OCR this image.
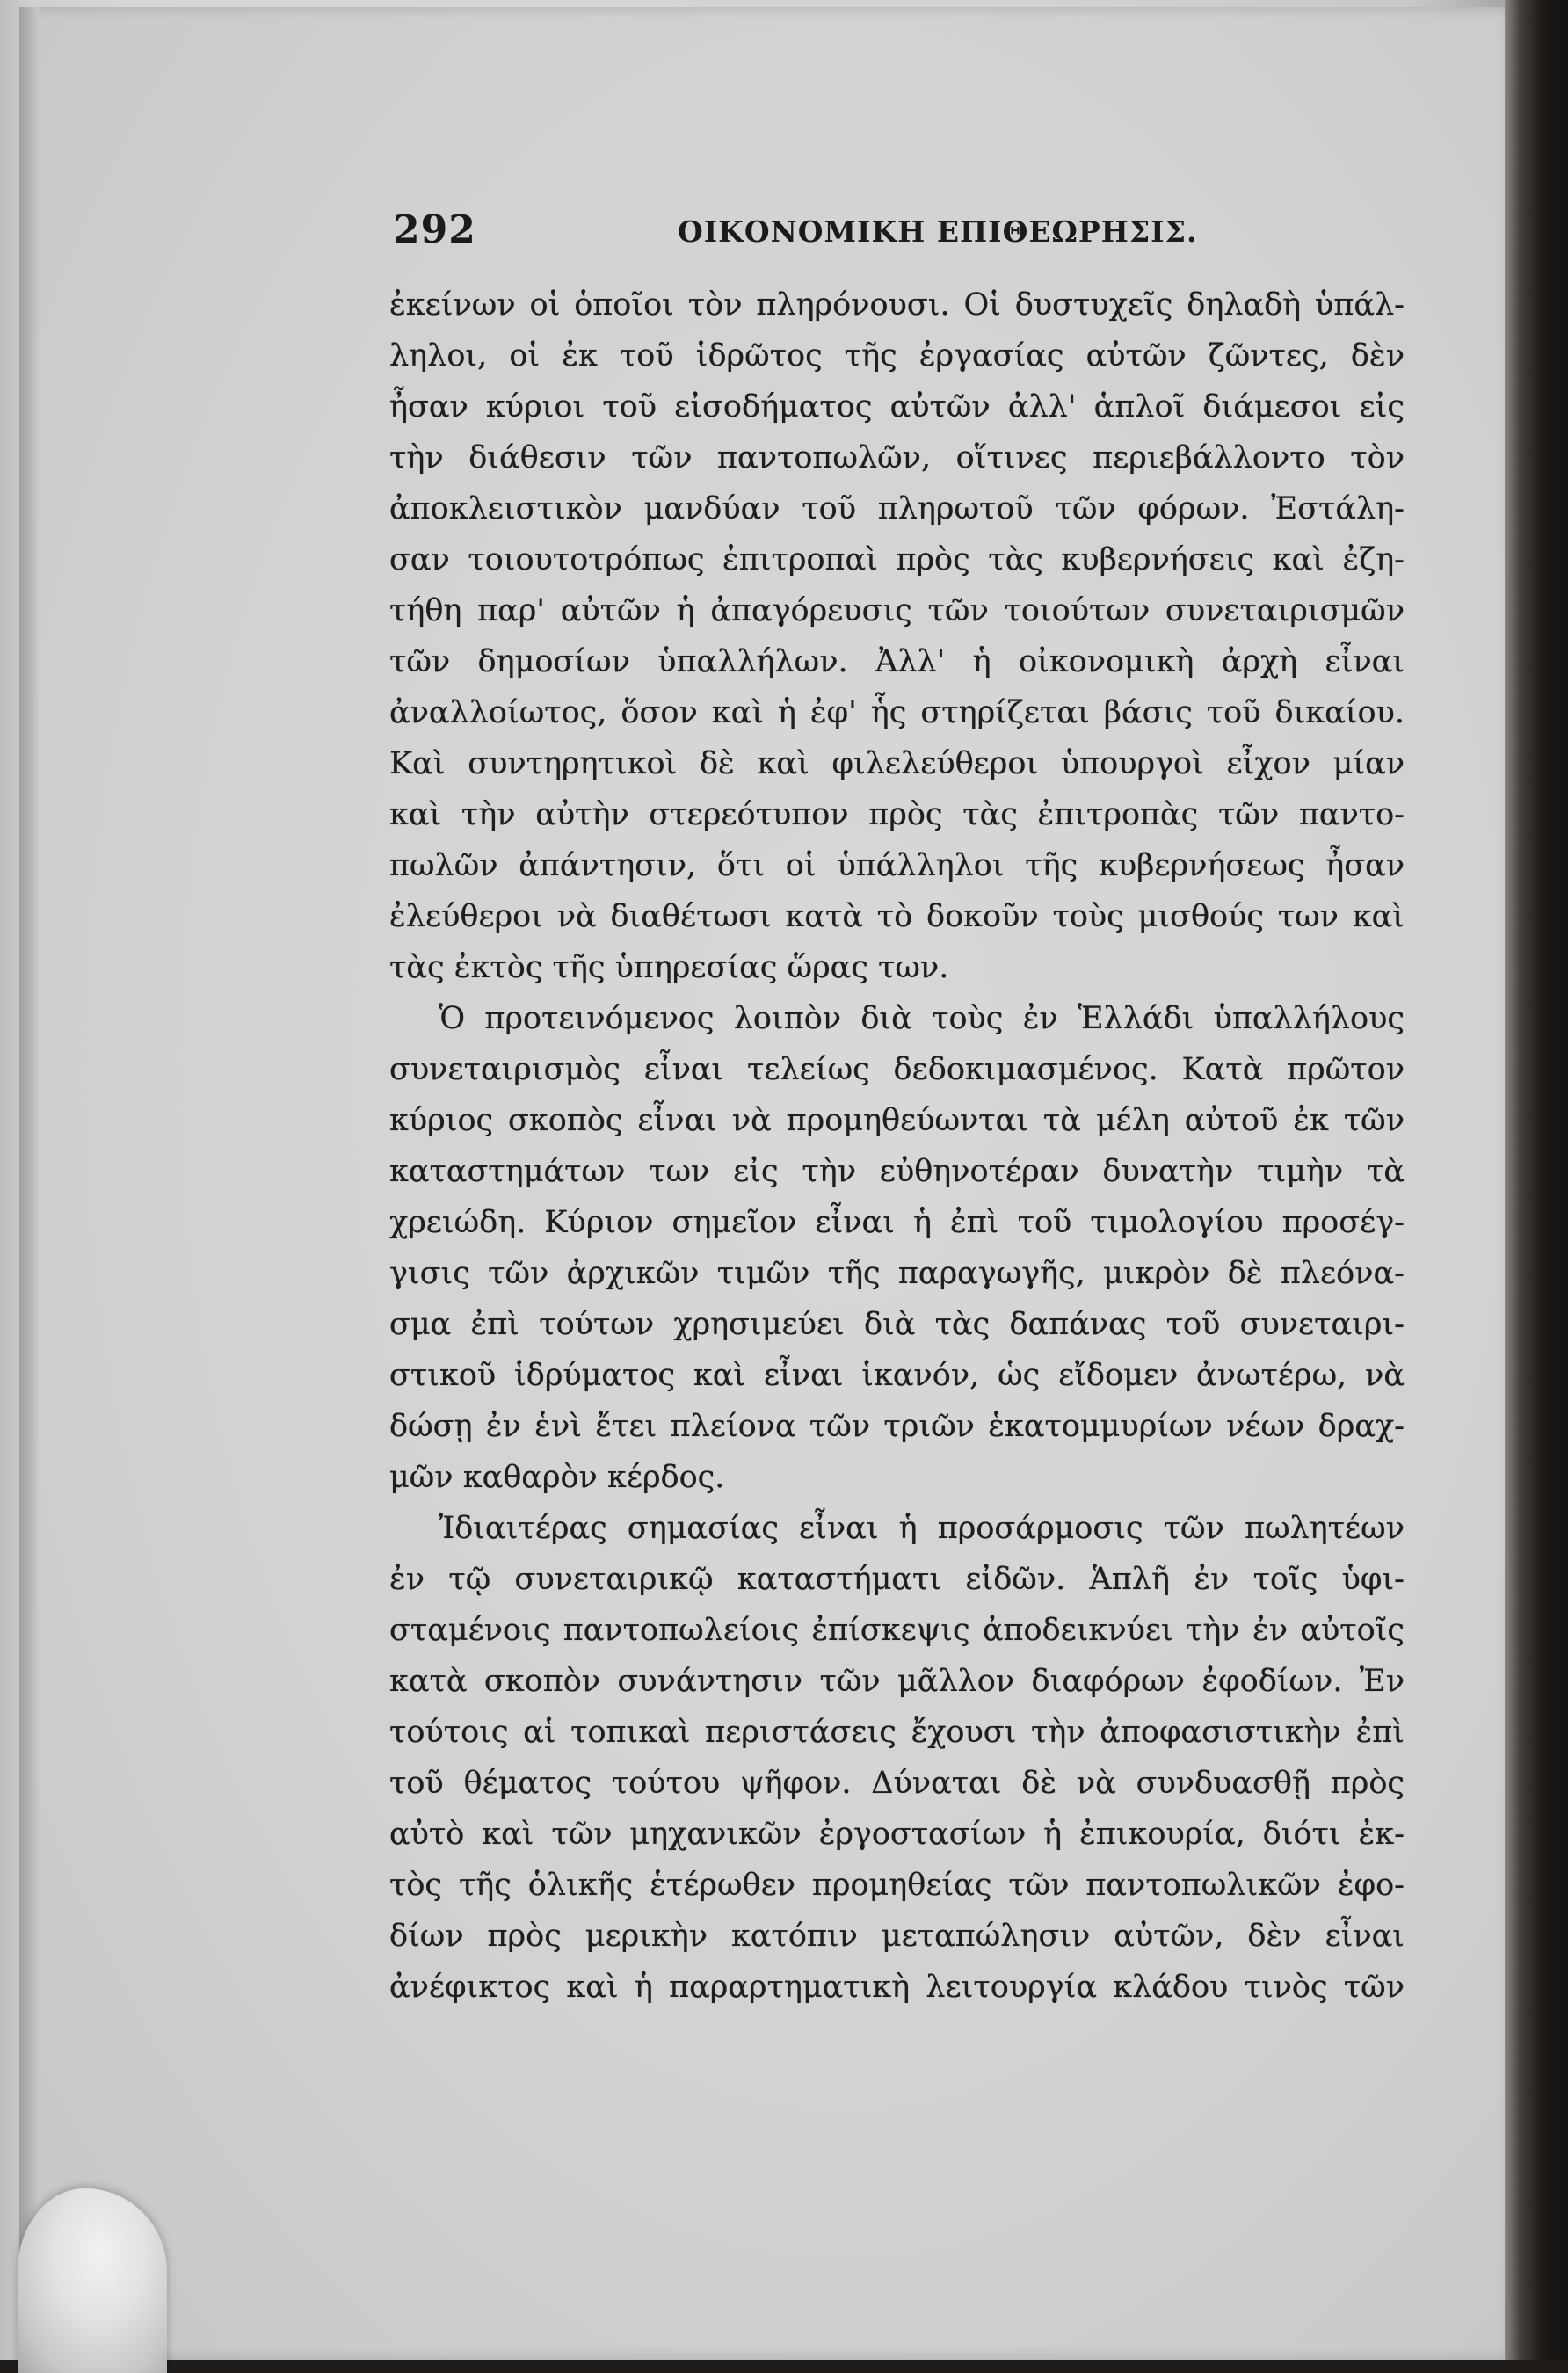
292	ΟΙΚΟΝΟΜΙΚΗ ΕΠΙΘΕΩΡΗΣΙΣ.
ἐκείνων οἱ ὁποῖοι τὸν πληρόνουσι. Οἱ δυστυχεῖς δηλαδὴ ὑπάλ-
ληλοι, οἱ ἐκ τοῦ ἱδρῶτος τῆς ἐργασίας αὐτῶν ζῶντες, δὲν
ἦσαν κύριοι τοῦ εἰσοδήματος αὐτῶν ἀλλ' ἁπλοῖ διάμεσοι εἰς
τὴν διάθεσιν τῶν παντοπωλῶν, οἵτινες περιεβάλλοντο τὸν
ἀποκλειστικὸν μανδύαν τοῦ πληρωτοῦ τῶν φόρων. Ἐστάλη-
σαν τοιουτοτρόπως ἐπιτροπαὶ πρὸς τὰς κυβερνήσεις καὶ ἐζη-
τήθη παρ' αὐτῶν ἡ ἀπαγόρευσις τῶν τοιούτων συνεταιρισμῶν
τῶν δημοσίων ὑπαλλήλων. Ἀλλ' ἡ οἰκονομικὴ ἀρχὴ εἶναι
ἀναλλοίωτος, ὅσον καὶ ἡ ἐφ' ἧς στηρίζεται βάσις τοῦ δικαίου.
Καὶ συντηρητικοὶ δὲ καὶ φιλελεύθεροι ὑπουργοὶ εἶχον μίαν
καὶ τὴν αὐτὴν στερεότυπον πρὸς τὰς ἐπιτροπὰς τῶν παντο-
πωλῶν ἀπάντησιν, ὅτι οἱ ὑπάλληλοι τῆς κυβερνήσεως ἦσαν
ἐλεύθεροι νὰ διαθέτωσι κατὰ τὸ δοκοῦν τοὺς μισθούς των καὶ
τὰς ἐκτὸς τῆς ὑπηρεσίας ὥρας των.
Ὁ προτεινόμενος λοιπὸν διὰ τοὺς ἐν Ἑλλάδι ὑπαλλήλους
συνεταιρισμὸς εἶναι τελείως δεδοκιμασμένος. Κατὰ πρῶτον
κύριος σκοπὸς εἶναι νὰ προμηθεύωνται τὰ μέλη αὐτοῦ ἐκ τῶν
καταστημάτων των εἰς τὴν εὐθηνοτέραν δυνατὴν τιμὴν τὰ
χρειώδη. Κύριον σημεῖον εἶναι ἡ ἐπὶ τοῦ τιμολογίου προσέγ-
γισις τῶν ἀρχικῶν τιμῶν τῆς παραγωγῆς, μικρὸν δὲ πλεόνα-
σμα ἐπὶ τούτων χρησιμεύει διὰ τὰς δαπάνας τοῦ συνεταιρι-
στικοῦ ἱδρύματος καὶ εἶναι ἱκανόν, ὡς εἴδομεν ἀνωτέρω, νὰ
δώσῃ ἐν ἑνὶ ἔτει πλείονα τῶν τριῶν ἑκατομμυρίων νέων δραχ-
μῶν καθαρὸν κέρδος.
Ἰδιαιτέρας σημασίας εἶναι ἡ προσάρμοσις τῶν πωλητέων
ἐν τῷ συνεταιρικῷ καταστήματι εἰδῶν. Ἁπλῆ ἐν τοῖς ὑφι-
σταμένοις παντοπωλείοις ἐπίσκεψις ἀποδεικνύει τὴν ἐν αὐτοῖς
κατὰ σκοπὸν συνάντησιν τῶν μᾶλλον διαφόρων ἐφοδίων. Ἐν
τούτοις αἱ τοπικαὶ περιστάσεις ἔχουσι τὴν ἀποφασιστικὴν ἐπὶ
τοῦ θέματος τούτου ψῆφον. Δύναται δὲ νὰ συνδυασθῇ πρὸς
αὐτὸ καὶ τῶν μηχανικῶν ἐργοστασίων ἡ ἐπικουρία, διότι ἐκ-
τὸς τῆς ὁλικῆς ἑτέρωθεν προμηθείας τῶν παντοπωλικῶν ἐφο-
δίων πρὸς μερικὴν κατόπιν μεταπώλησιν αὐτῶν, δὲν εἶναι
ἀνέφικτος καὶ ἡ παραρτηματικὴ λειτουργία κλάδου τινὸς τῶν
